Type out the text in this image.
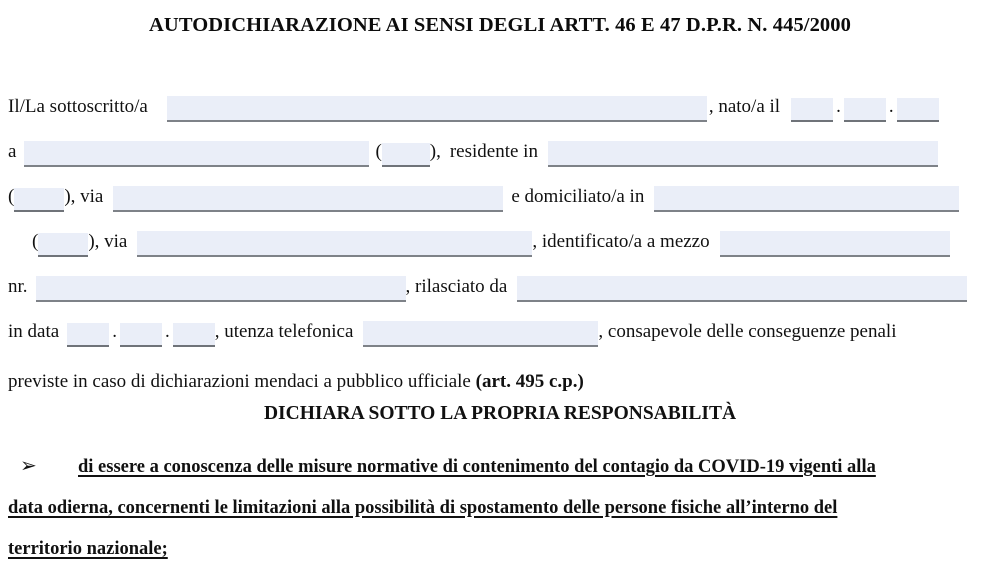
AUTODICHIARAZIONE AI SENSI DEGLI ARTT. 46 E 47 D.P.R. N. 445/2000
Il/La sottoscritto/a	, nato/a il	.	.
a	(	), residente in
(	), via	e domiciliato/a in
(	), via	, identificato/a a mezzo
nr.	, rilasciato da
in data	.	. , utenza telefonica	, consapevole delle conseguenze penali
previste in caso di dichiarazioni mendaci a pubblico ufficiale (art. 495 c.p.)
DICHIARA SOTTO LA PROPRIA RESPONSABILITÀ
➢ di essere a conoscenza delle misure normative di contenimento del contagio da COVID-19 vigenti alla
data odierna, concernenti le limitazioni alla possibilità di spostamento delle persone fisiche all’interno del
territorio nazionale;
